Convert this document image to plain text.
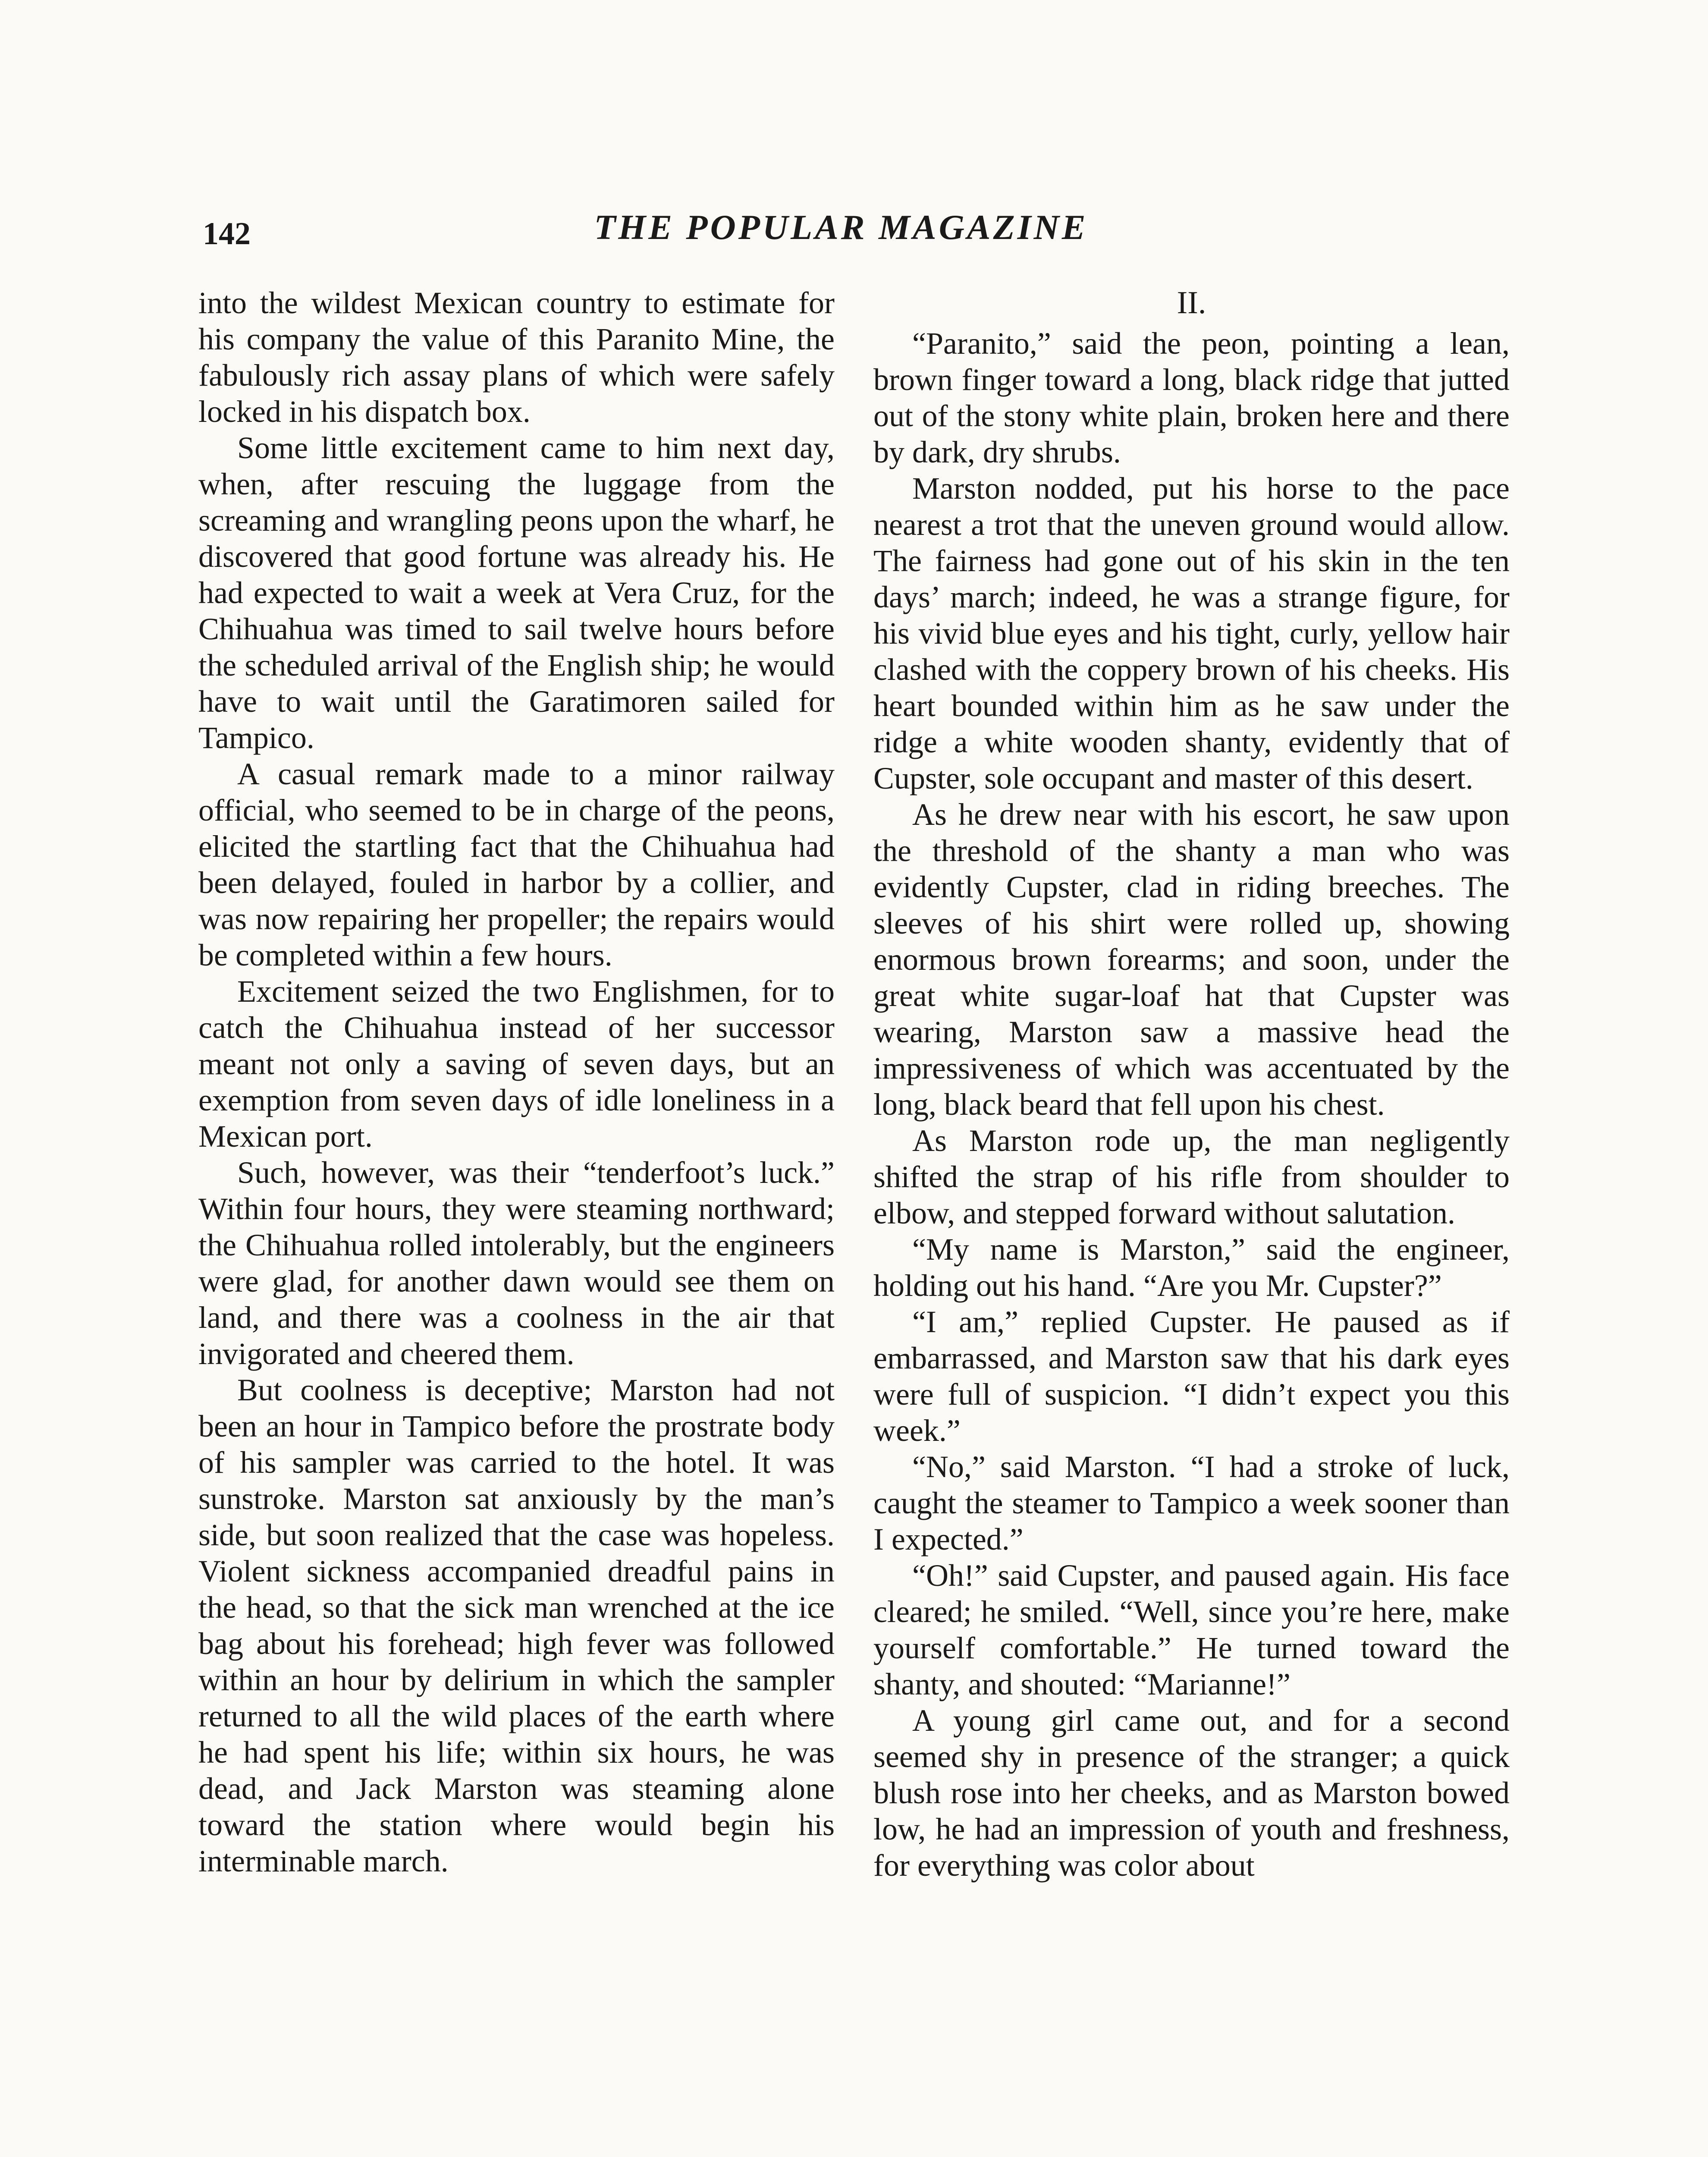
142	THE POPULAR MAGAZINE

into the wildest Mexican country to estimate for his company the value of this Paranito Mine, the fabulously rich assay plans of which were safely locked in his dispatch box.

Some little excitement came to him next day, when, after rescuing the luggage from the screaming and wrangling peons upon the wharf, he discovered that good fortune was already his. He had expected to wait a week at Vera Cruz, for the Chihuahua was timed to sail twelve hours before the scheduled arrival of the English ship; he would have to wait until the Garatimoren sailed for Tampico.

A casual remark made to a minor railway official, who seemed to be in charge of the peons, elicited the startling fact that the Chihuahua had been delayed, fouled in harbor by a collier, and was now repairing her propeller; the repairs would be completed within a few hours.

Excitement seized the two Englishmen, for to catch the Chihuahua instead of her successor meant not only a saving of seven days, but an exemption from seven days of idle loneliness in a Mexican port.

Such, however, was their “tenderfoot’s luck.” Within four hours, they were steaming northward; the Chihuahua rolled intolerably, but the engineers were glad, for another dawn would see them on land, and there was a coolness in the air that invigorated and cheered them.

But coolness is deceptive; Marston had not been an hour in Tampico before the prostrate body of his sampler was carried to the hotel. It was sunstroke. Marston sat anxiously by the man’s side, but soon realized that the case was hopeless. Violent sickness accompanied dreadful pains in the head, so that the sick man wrenched at the ice bag about his forehead; high fever was followed within an hour by delirium in which the sampler returned to all the wild places of the earth where he had spent his life; within six hours, he was dead, and Jack Marston was steaming alone toward the station where would begin his interminable march.

II.

“Paranito,” said the peon, pointing a lean, brown finger toward a long, black ridge that jutted out of the stony white plain, broken here and there by dark, dry shrubs.

Marston nodded, put his horse to the pace nearest a trot that the uneven ground would allow. The fairness had gone out of his skin in the ten days’ march; indeed, he was a strange figure, for his vivid blue eyes and his tight, curly, yellow hair clashed with the coppery brown of his cheeks. His heart bounded within him as he saw under the ridge a white wooden shanty, evidently that of Cupster, sole occupant and master of this desert.

As he drew near with his escort, he saw upon the threshold of the shanty a man who was evidently Cupster, clad in riding breeches. The sleeves of his shirt were rolled up, showing enormous brown forearms; and soon, under the great white sugar-loaf hat that Cupster was wearing, Marston saw a massive head the impressiveness of which was accentuated by the long, black beard that fell upon his chest.

As Marston rode up, the man negligently shifted the strap of his rifle from shoulder to elbow, and stepped forward without salutation.

“My name is Marston,” said the engineer, holding out his hand. “Are you Mr. Cupster?”

“I am,” replied Cupster. He paused as if embarrassed, and Marston saw that his dark eyes were full of suspicion. “I didn’t expect you this week.”

“No,” said Marston. “I had a stroke of luck, caught the steamer to Tampico a week sooner than I expected.”

“Oh!” said Cupster, and paused again. His face cleared; he smiled. “Well, since you’re here, make yourself comfortable.” He turned toward the shanty, and shouted: “Marianne!”

A young girl came out, and for a second seemed shy in presence of the stranger; a quick blush rose into her cheeks, and as Marston bowed low, he had an impression of youth and freshness, for everything was color about
